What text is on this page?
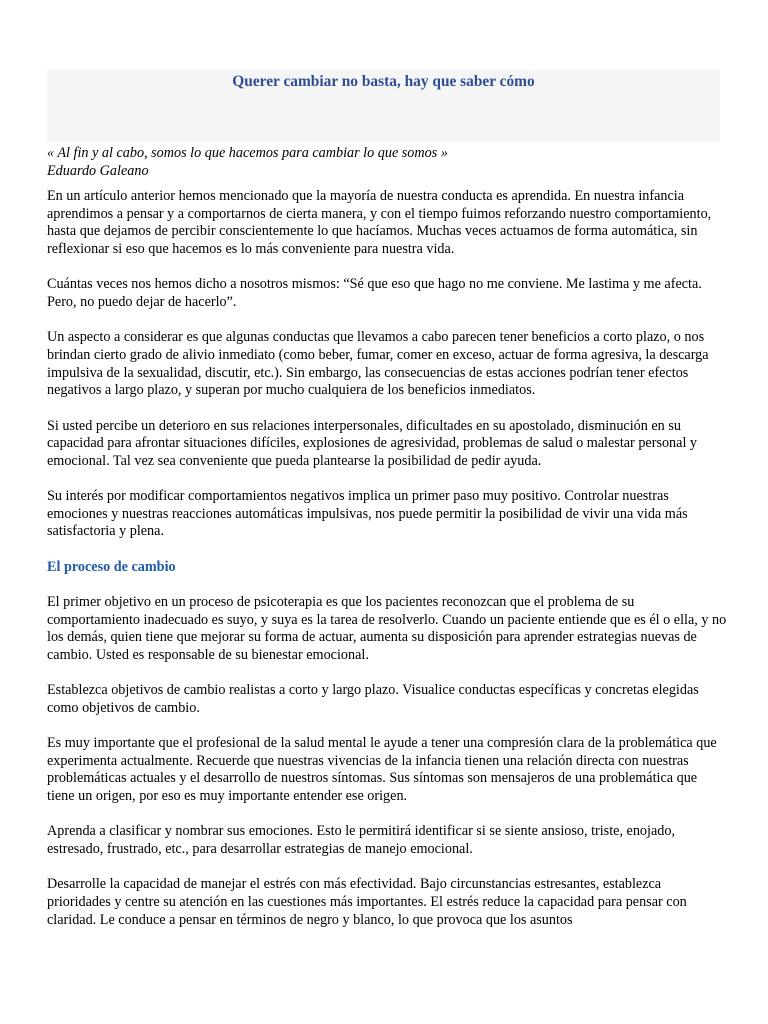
Querer cambiar no basta, hay que saber cómo

« Al fin y al cabo, somos lo que hacemos para cambiar lo que somos »

Eduardo Galeano

En un artículo anterior hemos mencionado que la mayoría de nuestra conducta es aprendida. En nuestra infancia aprendimos a pensar y a comportarnos de cierta manera, y con el tiempo fuimos reforzando nuestro comportamiento, hasta que dejamos de percibir conscientemente lo que hacíamos. Muchas veces actuamos de forma automática, sin reflexionar si eso que hacemos es lo más conveniente para nuestra vida.

Cuántas veces nos hemos dicho a nosotros mismos: “Sé que eso que hago no me conviene. Me lastima y me afecta. Pero, no puedo dejar de hacerlo”.

Un aspecto a considerar es que algunas conductas que llevamos a cabo parecen tener beneficios a corto plazo, o nos brindan cierto grado de alivio inmediato (como beber, fumar, comer en exceso, actuar de forma agresiva, la descarga impulsiva de la sexualidad, discutir, etc.). Sin embargo, las consecuencias de estas acciones podrían tener efectos negativos a largo plazo, y superan por mucho cualquiera de los beneficios inmediatos.

Si usted percibe un deterioro en sus relaciones interpersonales, dificultades en su apostolado, disminución en su capacidad para afrontar situaciones difíciles, explosiones de agresividad, problemas de salud o malestar personal y emocional. Tal vez sea conveniente que pueda plantearse la posibilidad de pedir ayuda.

Su interés por modificar comportamientos negativos implica un primer paso muy positivo. Controlar nuestras emociones y nuestras reacciones automáticas impulsivas, nos puede permitir la posibilidad de vivir una vida más satisfactoria y plena.

El proceso de cambio

El primer objetivo en un proceso de psicoterapia es que los pacientes reconozcan que el problema de su comportamiento inadecuado es suyo, y suya es la tarea de resolverlo. Cuando un paciente entiende que es él o ella, y no los demás, quien tiene que mejorar su forma de actuar, aumenta su disposición para aprender estrategias nuevas de cambio. Usted es responsable de su bienestar emocional.

Establezca objetivos de cambio realistas a corto y largo plazo. Visualice conductas específicas y concretas elegidas como objetivos de cambio.

Es muy importante que el profesional de la salud mental le ayude a tener una compresión clara de la problemática que experimenta actualmente. Recuerde que nuestras vivencias de la infancia tienen una relación directa con nuestras problemáticas actuales y el desarrollo de nuestros síntomas. Sus síntomas son mensajeros de una problemática que tiene un origen, por eso es muy importante entender ese origen.

Aprenda a clasificar y nombrar sus emociones. Esto le permitirá identificar si se siente ansioso, triste, enojado, estresado, frustrado, etc., para desarrollar estrategias de manejo emocional.

Desarrolle la capacidad de manejar el estrés con más efectividad. Bajo circunstancias estresantes, establezca prioridades y centre su atención en las cuestiones más importantes. El estrés reduce la capacidad para pensar con claridad. Le conduce a pensar en términos de negro y blanco, lo que provoca que los asuntos
